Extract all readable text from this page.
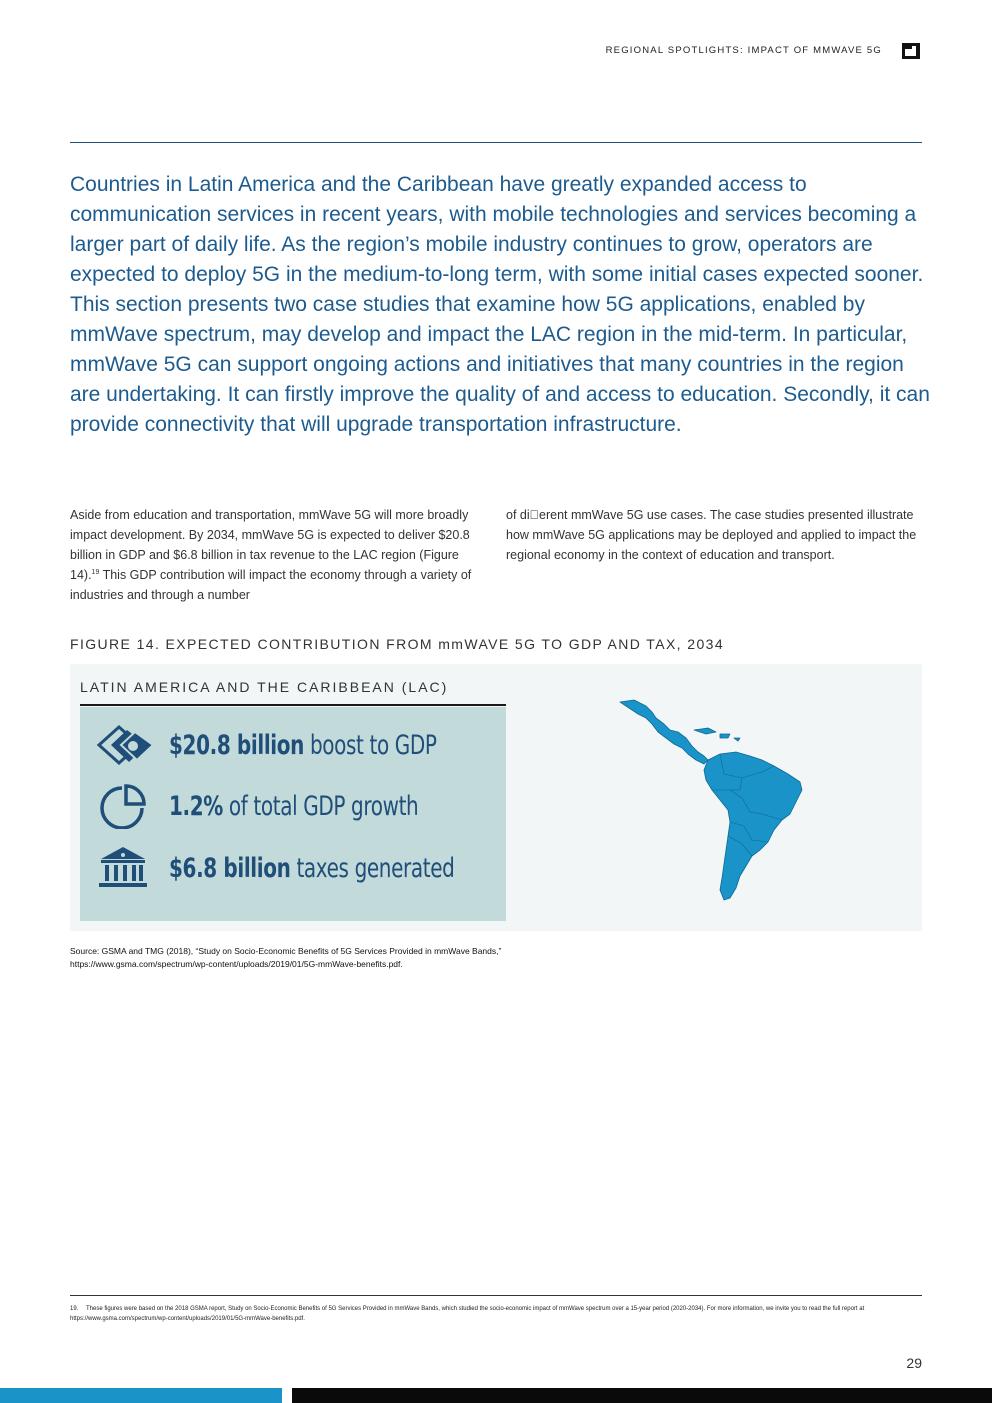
REGIONAL SPOTLIGHTS: IMPACT OF MMWAVE 5G

Countries in Latin America and the Caribbean have greatly expanded access to communication services in recent years, with mobile technologies and services becoming a larger part of daily life. As the region’s mobile industry continues to grow, operators are expected to deploy 5G in the medium-to-long term, with some initial cases expected sooner. This section presents two case studies that examine how 5G applications, enabled by mmWave spectrum, may develop and impact the LAC region in the mid-term. In particular, mmWave 5G can support ongoing actions and initiatives that many countries in the region are undertaking. It can firstly improve the quality of and access to education. Secondly, it can provide connectivity that will upgrade transportation infrastructure.

Aside from education and transportation, mmWave 5G will more broadly impact development. By 2034, mmWave 5G is expected to deliver $20.8 billion in GDP and $6.8 billion in tax revenue to the LAC region (Figure 14).$^{19}$ This GDP contribution will impact the economy through a variety of industries and through a number

of di erent mmWave 5G use cases. The case studies presented illustrate how mmWave 5G applications may be deployed and applied to impact the regional economy in the context of education and transport.

FIGURE 14. EXPECTED CONTRIBUTION FROM mmWAVE 5G TO GDP AND TAX, 2034
LATIN AMERICA AND THE CARIBBEAN (LAC)
$20.8 billion boost to GDP
1.2% of total GDP growth
$6.8 billion taxes generated

Source: GSMA and TMG (2018), “Study on Socio-Economic Benefits of 5G Services Provided in mmWave Bands,”
https://www.gsma.com/spectrum/wp-content/uploads/2019/01/5G-mmWave-benefits.pdf.

19. These figures were based on the 2018 GSMA report, Study on Socio-Economic Benefits of 5G Services Provided in mmWave Bands, which studied the socio-economic impact of mmWave spectrum over a 15-year period (2020-2034). For more information, we invite you to read the full report at https://www.gsma.com/spectrum/wp-content/uploads/2019/01/5G-mmWave-benefits.pdf.

29
